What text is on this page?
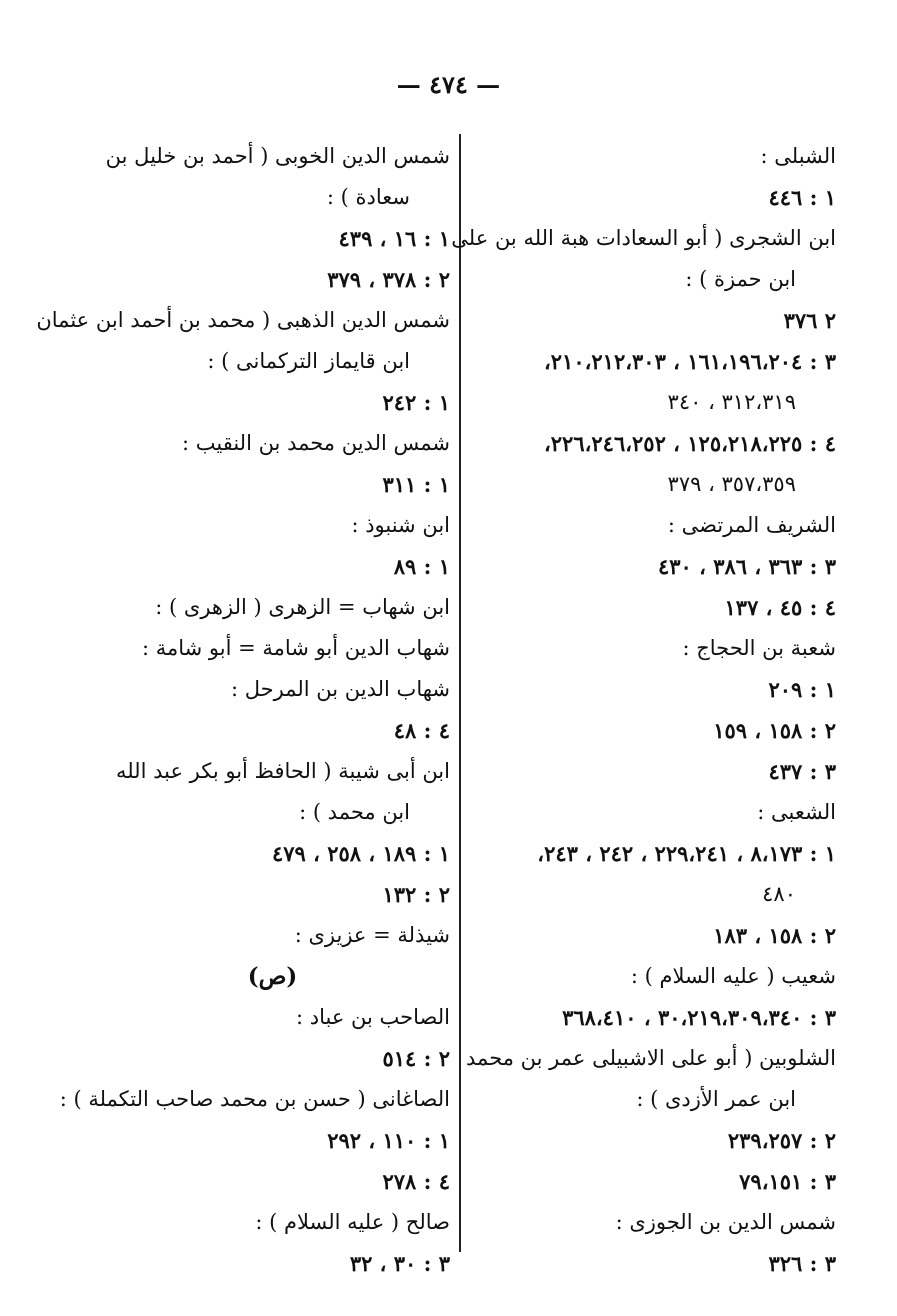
— ٤٧٤ —
الشبلى :
١ : ٤٤٦
ابن الشجرى ( أبو السعادات هبة الله بن على
ابن حمزة ) :
٢ ٣٧٦
٣ : ١٦١،١٩٦،٢٠٤ ، ٢١٠،٢١٢،٣٠٣،
٣١٢،٣١٩ ، ٣٤٠
٤ : ١٢٥،٢١٨،٢٢٥ ، ٢٢٦،٢٤٦،٢٥٢،
٣٥٧،٣٥٩ ، ٣٧٩
الشريف المرتضى :
٣ : ٣٦٣ ، ٣٨٦ ، ٤٣٠
٤ : ٤٥ ، ١٣٧
شعبة بن الحجاج :
١ : ٢٠٩
٢ : ١٥٨ ، ١٥٩
٣ : ٤٣٧
الشعبى :
١ : ٨،١٧٣ ، ٢٢٩،٢٤١ ، ٢٤٢ ، ٢٤٣،
٤٨٠
٢ : ١٥٨ ، ١٨٣
شعيب ( عليه السلام ) :
٣ : ٣٠،٢١٩،٣٠٩،٣٤٠ ، ٣٦٨،٤١٠
الشلوبين ( أبو على الاشبيلى عمر بن محمد
ابن عمر الأزدى ) :
٢ : ٢٣٩،٢٥٧
٣ : ٧٩،١٥١
شمس الدين بن الجوزى :
٣ : ٣٢٦
شمس الدين الخوبى ( أحمد بن خليل بن
سعادة ) :
١ : ١٦ ، ٤٣٩
٢ : ٣٧٨ ، ٣٧٩
شمس الدين الذهبى ( محمد بن أحمد ابن عثمان
ابن قايماز التركمانى ) :
١ : ٢٤٢
شمس الدين محمد بن النقيب :
١ : ٣١١
ابن شنبوذ :
١ : ٨٩
ابن شهاب = الزهرى ( الزهرى ) :
شهاب الدين أبو شامة = أبو شامة :
شهاب الدين بن المرحل :
٤ : ٤٨
ابن أبى شيبة ( الحافظ أبو بكر عبد الله
ابن محمد ) :
١ : ١٨٩ ، ٢٥٨ ، ٤٧٩
٢ : ١٣٢
شيذلة = عزيزى :
(ص)
الصاحب بن عباد :
٢ : ٥١٤
الصاغانى ( حسن بن محمد صاحب التكملة ) :
١ : ١١٠ ، ٢٩٢
٤ : ٢٧٨
صالح ( عليه السلام ) :
٣ : ٣٠ ، ٣٢
